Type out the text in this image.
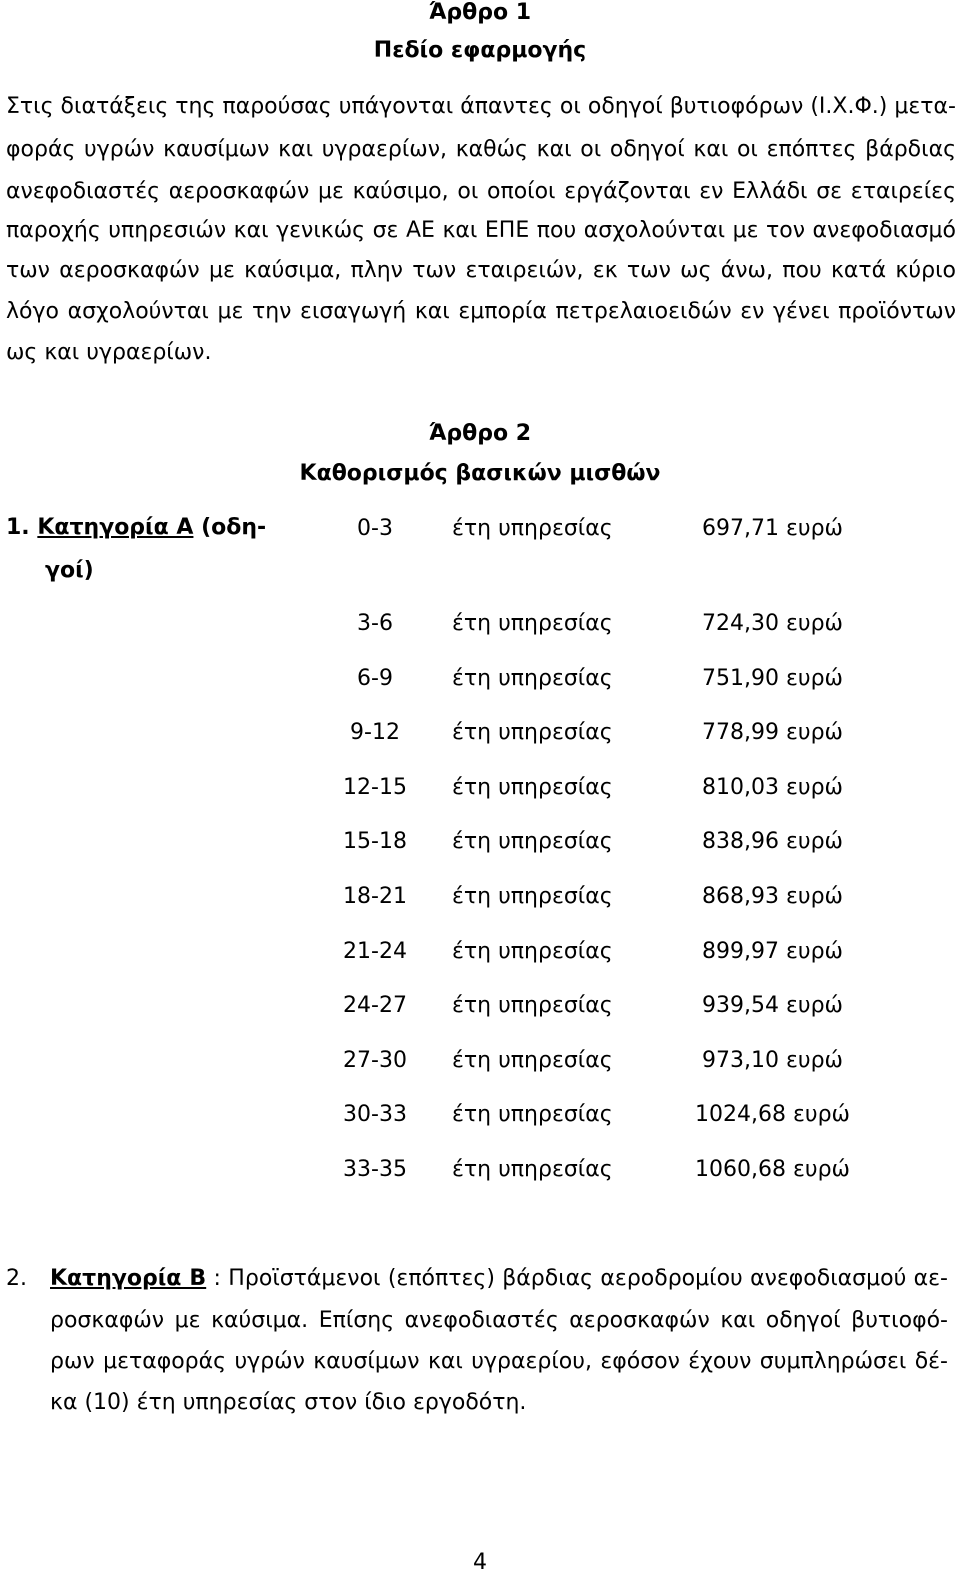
Άρθρο 1
Πεδίο εφαρμογής
Στις διατάξεις της παρούσας υπάγονται άπαντες οι οδηγοί βυτιοφόρων (Ι.Χ.Φ.) μετα-
φοράς υγρών καυσίμων και υγραερίων, καθώς και οι οδηγοί και οι επόπτες βάρδιας
ανεφοδιαστές αεροσκαφών με καύσιμο, οι οποίοι εργάζονται εν Ελλάδι σε εταιρείες
παροχής υπηρεσιών και γενικώς σε ΑΕ και ΕΠΕ που ασχολούνται με τον ανεφοδιασμό
των αεροσκαφών με καύσιμα, πλην των εταιρειών, εκ των ως άνω, που κατά κύριο
λόγο ασχολούνται με την εισαγωγή και εμπορία πετρελαιοειδών εν γένει προϊόντων
ως και υγραερίων.
Άρθρο 2
Καθορισμός βασικών μισθών
1. Κατηγορία Α (οδη-
γοί)
0-3	έτη υπηρεσίας	697,71 ευρώ
3-6	έτη υπηρεσίας	724,30 ευρώ
6-9	έτη υπηρεσίας	751,90 ευρώ
9-12	έτη υπηρεσίας	778,99 ευρώ
12-15	έτη υπηρεσίας	810,03 ευρώ
15-18	έτη υπηρεσίας	838,96 ευρώ
18-21	έτη υπηρεσίας	868,93 ευρώ
21-24	έτη υπηρεσίας	899,97 ευρώ
24-27	έτη υπηρεσίας	939,54 ευρώ
27-30	έτη υπηρεσίας	973,10 ευρώ
30-33	έτη υπηρεσίας	1024,68 ευρώ
33-35	έτη υπηρεσίας	1060,68 ευρώ
2. Κατηγορία Β : Προϊστάμενοι (επόπτες) βάρδιας αεροδρομίου ανεφοδιασμού αε-
ροσκαφών με καύσιμα. Επίσης ανεφοδιαστές αεροσκαφών και οδηγοί βυτιοφό-
ρων μεταφοράς υγρών καυσίμων και υγραερίου, εφόσον έχουν συμπληρώσει δέ-
κα (10) έτη υπηρεσίας στον ίδιο εργοδότη.
4
